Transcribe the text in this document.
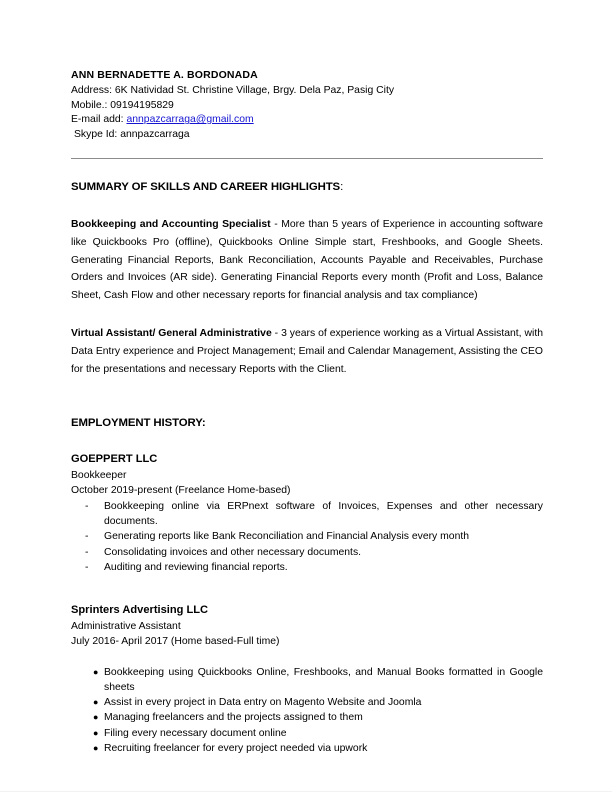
ANN BERNADETTE A. BORDONADA

Address: 6K Natividad St. Christine Village, Brgy. Dela Paz, Pasig City

Mobile.: 09194195829

E-mail add: annpazcarraga@gmail.com

Skype Id: annpazcarraga

SUMMARY OF SKILLS AND CAREER HIGHLIGHTS:

Bookkeeping and Accounting Specialist - More than 5 years of Experience in accounting software like Quickbooks Pro (offline), Quickbooks Online Simple start, Freshbooks, and Google Sheets. Generating Financial Reports, Bank Reconciliation, Accounts Payable and Receivables, Purchase Orders and Invoices (AR side). Generating Financial Reports every month (Profit and Loss, Balance Sheet, Cash Flow and other necessary reports for financial analysis and tax compliance)

Virtual Assistant/ General Administrative - 3 years of experience working as a Virtual Assistant, with Data Entry experience and Project Management; Email and Calendar Management, Assisting the CEO for the presentations and necessary Reports with the Client.

EMPLOYMENT HISTORY:

GOEPPERT LLC

Bookkeeper

October 2019-present (Freelance Home-based)

-	Bookkeeping online via ERPnext software of Invoices, Expenses and other necessary documents.
-	Generating reports like Bank Reconciliation and Financial Analysis every month
-	Consolidating invoices and other necessary documents.
-	Auditing and reviewing financial reports.

Sprinters Advertising LLC

Administrative Assistant

July 2016- April 2017 (Home based-Full time)

● Bookkeeping using Quickbooks Online, Freshbooks, and Manual Books formatted in Google sheets
● Assist in every project in Data entry on Magento Website and Joomla
● Managing freelancers and the projects assigned to them
● Filing every necessary document online
● Recruiting freelancer for every project needed via upwork
